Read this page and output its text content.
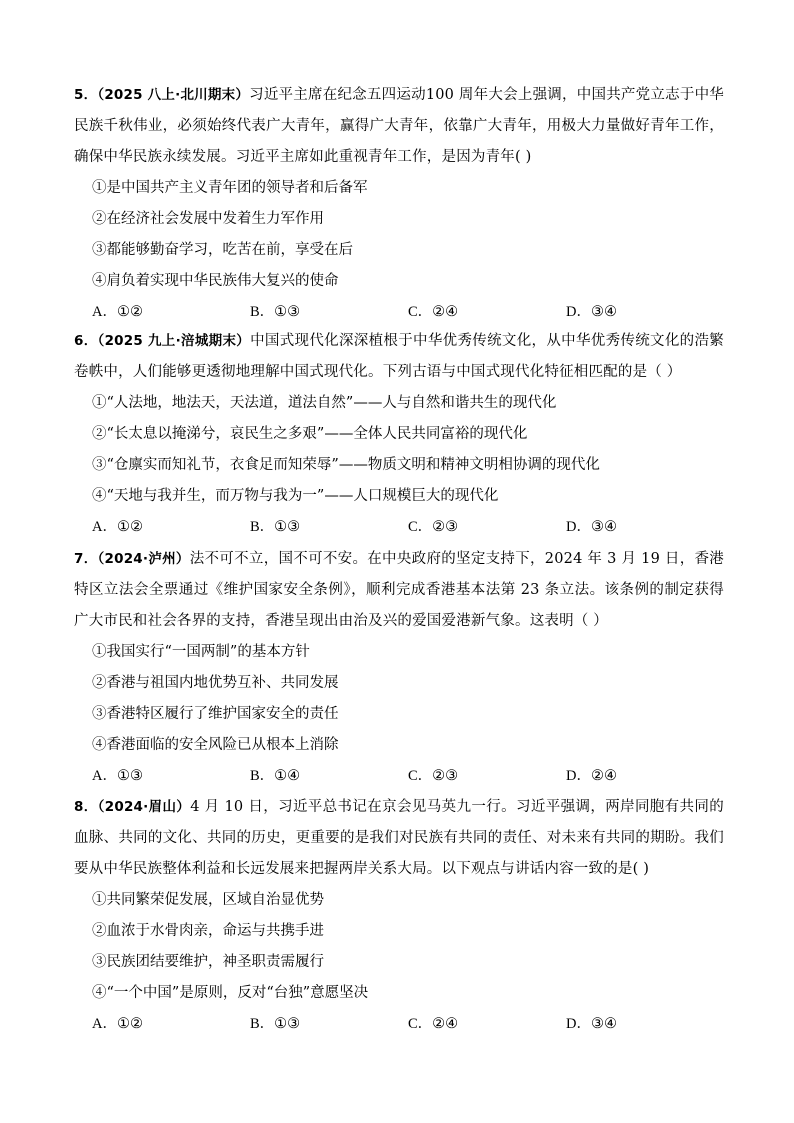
5．（2025 八上·北川期末）习近平主席在纪念五四运动100 周年大会上强调，中国共产党立志于中华民族千秋伟业，必须始终代表广大青年，赢得广大青年，依靠广大青年，用极大力量做好青年工作，确保中华民族永续发展。习近平主席如此重视青年工作，是因为青年( )
①是中国共产主义青年团的领导者和后备军
②在经济社会发展中发着生力军作用
③都能够勤奋学习，吃苦在前，享受在后
④肩负着实现中华民族伟大复兴的使命
A．①②	B．①③	C．②④	D．③④
6．（2025 九上·涪城期末）中国式现代化深深植根于中华优秀传统文化，从中华优秀传统文化的浩繁卷帙中，人们能够更透彻地理解中国式现代化。下列古语与中国式现代化特征相匹配的是（ ）
①“人法地，地法天，天法道，道法自然”——人与自然和谐共生的现代化
②“长太息以掩涕兮，哀民生之多艰”——全体人民共同富裕的现代化
③“仓廪实而知礼节，衣食足而知荣辱”——物质文明和精神文明相协调的现代化
④“天地与我并生，而万物与我为一”——人口规模巨大的现代化
A．①②	B．①③	C．②③	D．③④
7．（2024·泸州）法不可不立，国不可不安。在中央政府的坚定支持下，2024 年 3 月 19 日，香港特区立法会全票通过《维护国家安全条例》，顺利完成香港基本法第 23 条立法。该条例的制定获得广大市民和社会各界的支持，香港呈现出由治及兴的爱国爱港新气象。这表明（ ）
①我国实行“一国两制”的基本方针
②香港与祖国内地优势互补、共同发展
③香港特区履行了维护国家安全的责任
④香港面临的安全风险已从根本上消除
A．①③	B．①④	C．②③	D．②④
8．（2024·眉山）4 月 10 日，习近平总书记在京会见马英九一行。习近平强调，两岸同胞有共同的血脉、共同的文化、共同的历史，更重要的是我们对民族有共同的责任、对未来有共同的期盼。我们要从中华民族整体利益和长远发展来把握两岸关系大局。以下观点与讲话内容一致的是( )
①共同繁荣促发展，区域自治显优势
②血浓于水骨肉亲，命运与共携手进
③民族团结要维护，神圣职责需履行
④“一个中国”是原则，反对“台独”意愿坚决
A．①②	B．①③	C．②④	D．③④
